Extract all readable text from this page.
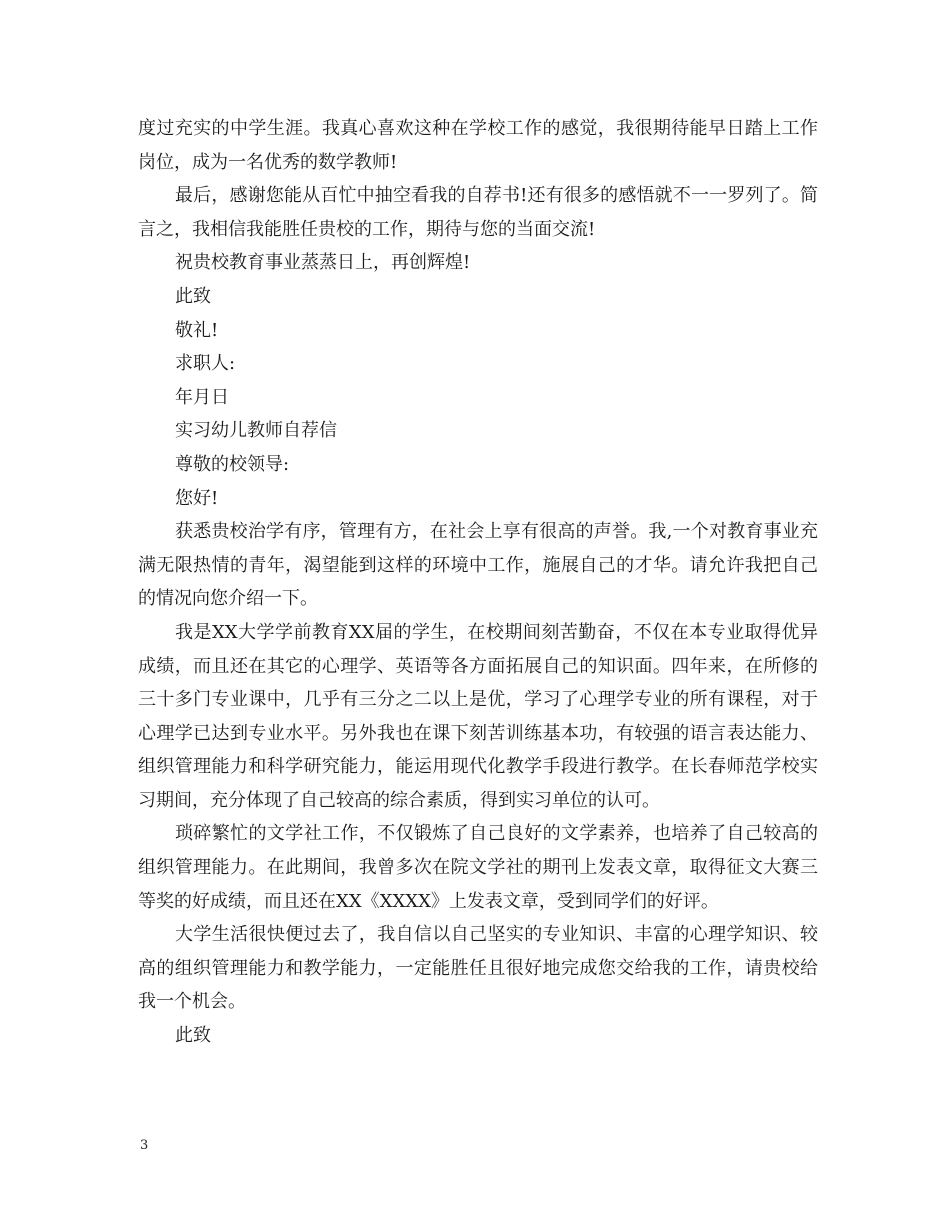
度过充实的中学生涯。我真心喜欢这种在学校工作的感觉，我很期待能早日踏上工作岗位，成为一名优秀的数学教师!

最后，感谢您能从百忙中抽空看我的自荐书!还有很多的感悟就不一一罗列了。简言之，我相信我能胜任贵校的工作，期待与您的当面交流!

祝贵校教育事业蒸蒸日上，再创辉煌!

此致

敬礼!

求职人:

年月日

实习幼儿教师自荐信

尊敬的校领导:

您好!

获悉贵校治学有序，管理有方，在社会上享有很高的声誉。我,一个对教育事业充满无限热情的青年，渴望能到这样的环境中工作，施展自己的才华。请允许我把自己的情况向您介绍一下。

我是XX大学学前教育XX届的学生，在校期间刻苦勤奋，不仅在本专业取得优异成绩，而且还在其它的心理学、英语等各方面拓展自己的知识面。四年来，在所修的三十多门专业课中，几乎有三分之二以上是优，学习了心理学专业的所有课程，对于心理学已达到专业水平。另外我也在课下刻苦训练基本功，有较强的语言表达能力、组织管理能力和科学研究能力，能运用现代化教学手段进行教学。在长春师范学校实习期间，充分体现了自己较高的综合素质，得到实习单位的认可。

琐碎繁忙的文学社工作，不仅锻炼了自己良好的文学素养，也培养了自己较高的组织管理能力。在此期间，我曾多次在院文学社的期刊上发表文章，取得征文大赛三等奖的好成绩，而且还在XX《XXXX》上发表文章，受到同学们的好评。

大学生活很快便过去了，我自信以自己坚实的专业知识、丰富的心理学知识、较高的组织管理能力和教学能力，一定能胜任且很好地完成您交给我的工作，请贵校给我一个机会。

此致

3
